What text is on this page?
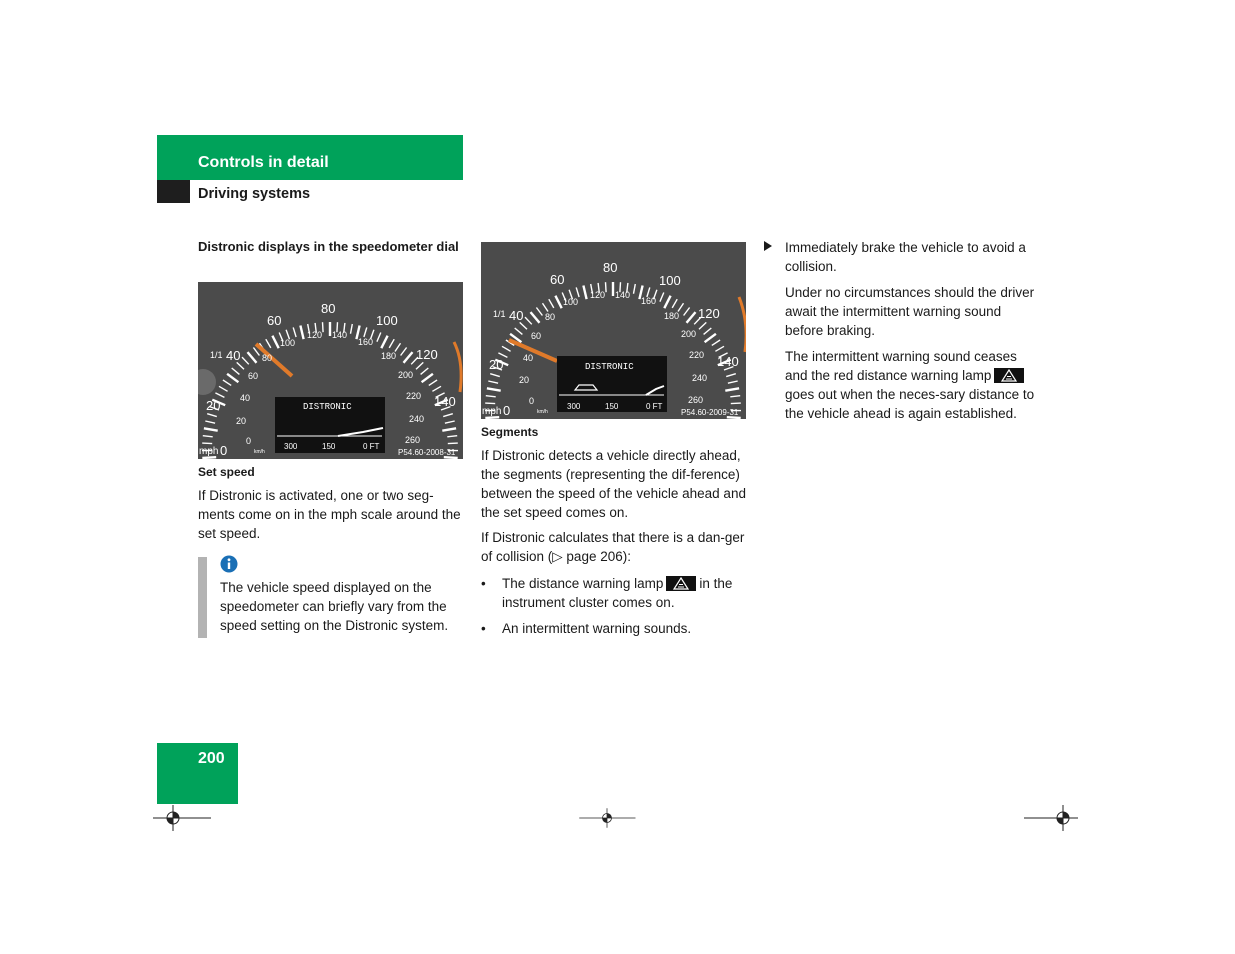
Controls in detail
Driving systems
Distronic displays in the speedometer dial
20
40
60
80
100
120
140
mph 0
1/1
0
20
40
60
80
100
120 140
160
180
200
220
240
260
km/h
DISTRONIC
300	150	0 FT
P54.60-2008-31
Set speed
If Distronic is activated, one or two seg-ments come on in the mph scale around the set speed.
The vehicle speed displayed on the speedometer can briefly vary from the speed setting on the Distronic system.
20
40
60
80
100
120
140
mph 0
1/1
0
20
40
60
80
100
120 140
160
180
200
220
240
260
km/h
DISTRONIC
300	150	0 FT
P54.60-2009-31
Segments
If Distronic detects a vehicle directly ahead, the segments (representing the dif-ference) between the speed of the vehicle ahead and the set speed comes on.
If Distronic calculates that there is a dan-ger of collision (▷ page 206):
• The distance warning lamp	in the instrument cluster comes on.
• An intermittent warning sounds.
Immediately brake the vehicle to avoid a collision.
Under no circumstances should the driver await the intermittent warning sound before braking.
The intermittent warning sound ceases and the red distance warning lampgoes out when the neces-sary distance to the vehicle ahead is again established.
200
